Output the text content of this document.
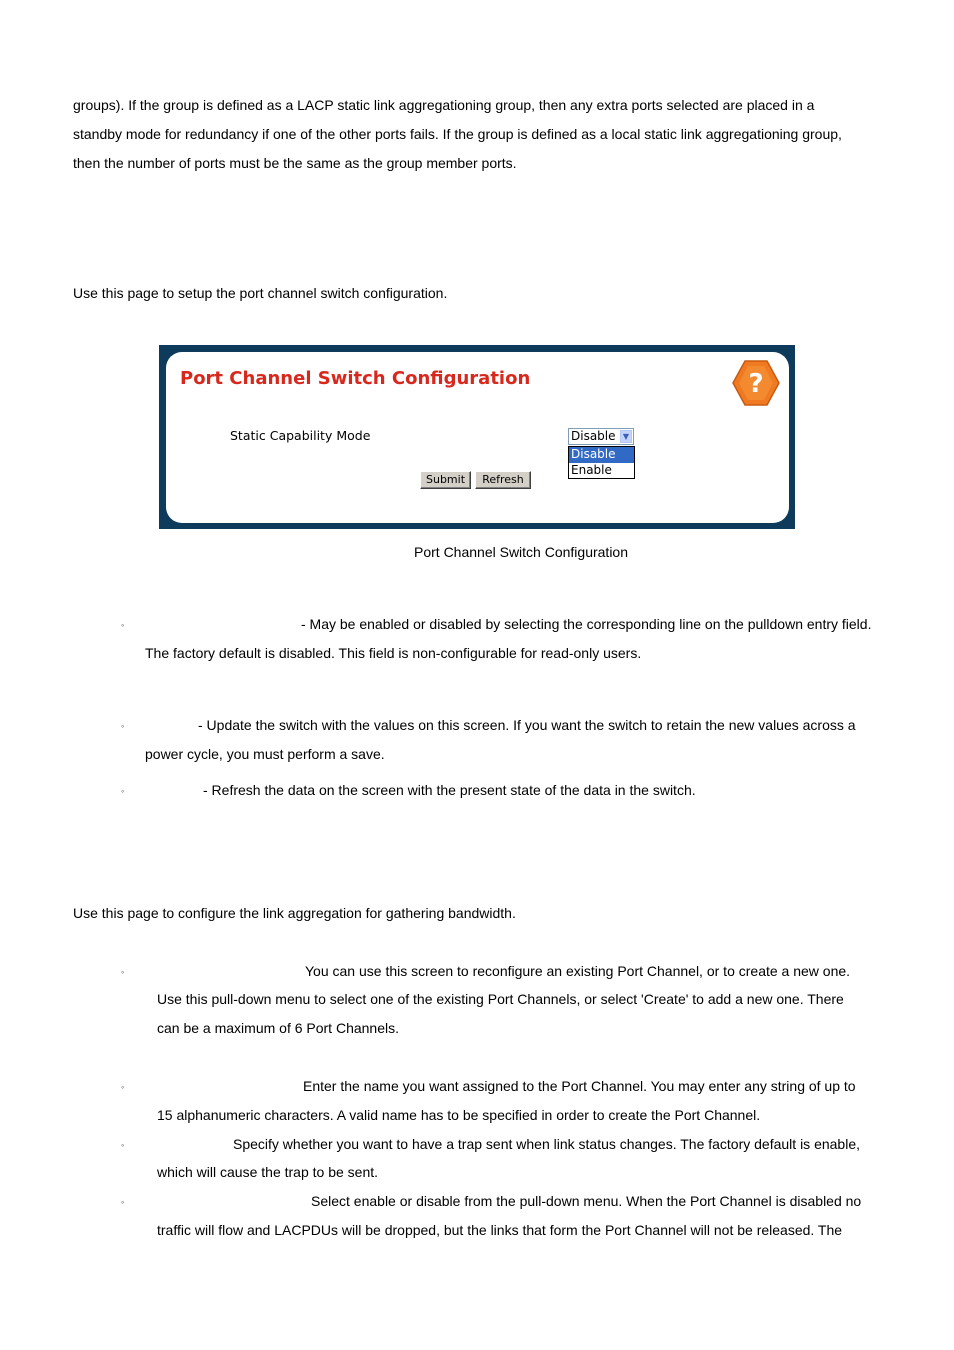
groups). If the group is defined as a LACP static link aggregationing group, then any extra ports selected are placed in a
standby mode for redundancy if one of the other ports fails. If the group is defined as a local static link aggregationing group,
then the number of ports must be the same as the group member ports.
Use this page to setup the port channel switch configuration.
Port Channel Switch Configuration	?
Static Capability Mode	Disable ▼
Disable
Enable
Submit	Refresh
Port Channel Switch Configuration
◦	- May be enabled or disabled by selecting the corresponding line on the pulldown entry field.
The factory default is disabled. This field is non-configurable for read-only users.
◦	- Update the switch with the values on this screen. If you want the switch to retain the new values across a
power cycle, you must perform a save.
◦	- Refresh the data on the screen with the present state of the data in the switch.
Use this page to configure the link aggregation for gathering bandwidth.
◦	You can use this screen to reconfigure an existing Port Channel, or to create a new one.
Use this pull-down menu to select one of the existing Port Channels, or select 'Create' to add a new one. There
can be a maximum of 6 Port Channels.
◦	Enter the name you want assigned to the Port Channel. You may enter any string of up to
15 alphanumeric characters. A valid name has to be specified in order to create the Port Channel.
◦	Specify whether you want to have a trap sent when link status changes. The factory default is enable,
which will cause the trap to be sent.
◦	Select enable or disable from the pull-down menu. When the Port Channel is disabled no
traffic will flow and LACPDUs will be dropped, but the links that form the Port Channel will not be released. The
